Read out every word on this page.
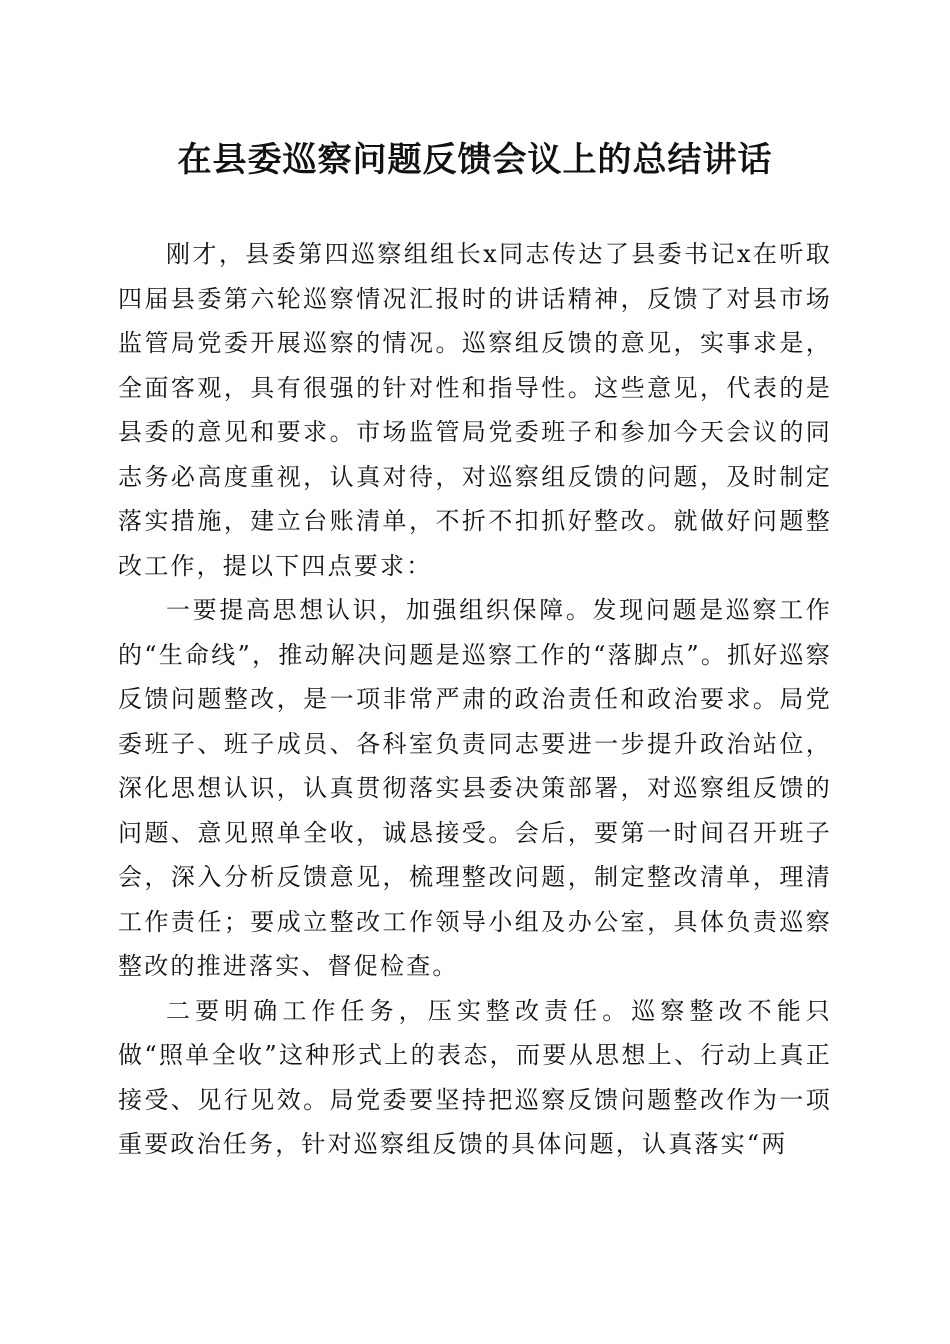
在县委巡察问题反馈会议上的总结讲话

刚才，县委第四巡察组组长x同志传达了县委书记x在听取四届县委第六轮巡察情况汇报时的讲话精神，反馈了对县市场监管局党委开展巡察的情况。巡察组反馈的意见，实事求是，全面客观，具有很强的针对性和指导性。这些意见，代表的是县委的意见和要求。市场监管局党委班子和参加今天会议的同志务必高度重视，认真对待，对巡察组反馈的问题，及时制定落实措施，建立台账清单，不折不扣抓好整改。就做好问题整改工作，提以下四点要求：

一要提高思想认识，加强组织保障。发现问题是巡察工作的“生命线”，推动解决问题是巡察工作的“落脚点”。抓好巡察反馈问题整改，是一项非常严肃的政治责任和政治要求。局党委班子、班子成员、各科室负责同志要进一步提升政治站位，深化思想认识，认真贯彻落实县委决策部署，对巡察组反馈的问题、意见照单全收，诚恳接受。会后，要第一时间召开班子会，深入分析反馈意见，梳理整改问题，制定整改清单，理清工作责任；要成立整改工作领导小组及办公室，具体负责巡察整改的推进落实、督促检查。

二要明确工作任务，压实整改责任。巡察整改不能只做“照单全收”这种形式上的表态，而要从思想上、行动上真正接受、见行见效。局党委要坚持把巡察反馈问题整改作为一项重要政治任务，针对巡察组反馈的具体问题，认真落实“两
